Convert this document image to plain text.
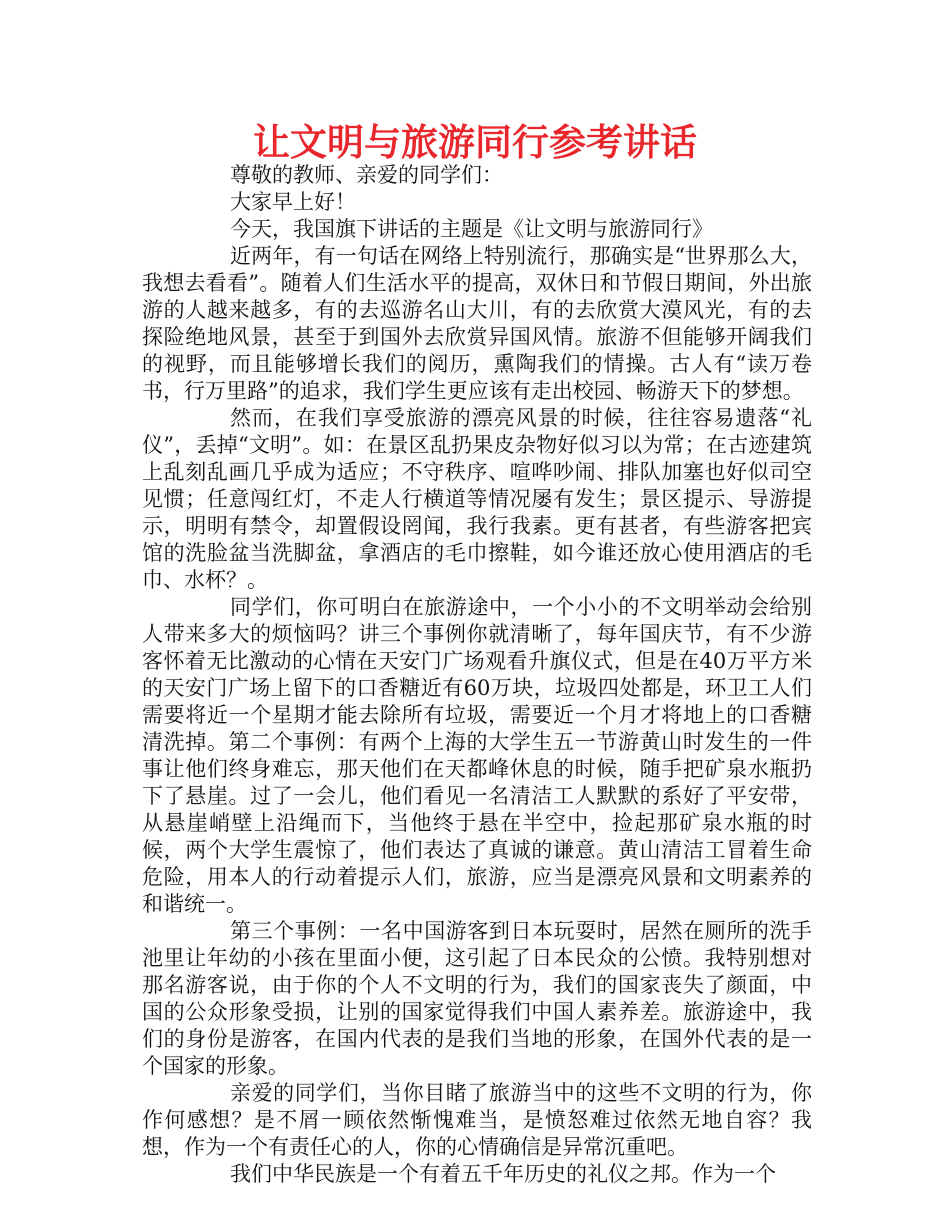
让文明与旅游同行参考讲话

尊敬的教师、亲爱的同学们：

大家早上好！

今天，我国旗下讲话的主题是《让文明与旅游同行》

近两年，有一句话在网络上特别流行，那确实是“世界那么大，我想去看看”。随着人们生活水平的提高，双休日和节假日期间，外出旅游的人越来越多，有的去巡游名山大川，有的去欣赏大漠风光，有的去探险绝地风景，甚至于到国外去欣赏异国风情。旅游不但能够开阔我们的视野，而且能够增长我们的阅历，熏陶我们的情操。古人有“读万卷书，行万里路”的追求，我们学生更应该有走出校园、畅游天下的梦想。

然而，在我们享受旅游的漂亮风景的时候，往往容易遗落“礼仪”，丢掉“文明”。如：在景区乱扔果皮杂物好似习以为常；在古迹建筑上乱刻乱画几乎成为适应；不守秩序、喧哗吵闹、排队加塞也好似司空见惯；任意闯红灯，不走人行横道等情况屡有发生；景区提示、导游提示，明明有禁令，却置假设罔闻，我行我素。更有甚者，有些游客把宾馆的洗脸盆当洗脚盆，拿酒店的毛巾擦鞋，如今谁还放心使用酒店的毛巾、水杯？。

同学们，你可明白在旅游途中，一个小小的不文明举动会给别人带来多大的烦恼吗？讲三个事例你就清晰了，每年国庆节，有不少游客怀着无比激动的心情在天安门广场观看升旗仪式，但是在40万平方米的天安门广场上留下的口香糖近有60万块，垃圾四处都是，环卫工人们需要将近一个星期才能去除所有垃圾，需要近一个月才将地上的口香糖清洗掉。第二个事例：有两个上海的大学生五一节游黄山时发生的一件事让他们终身难忘，那天他们在天都峰休息的时候，随手把矿泉水瓶扔下了悬崖。过了一会儿，他们看见一名清洁工人默默的系好了平安带，从悬崖峭壁上沿绳而下，当他终于悬在半空中，捡起那矿泉水瓶的时候，两个大学生震惊了，他们表达了真诚的谦意。黄山清洁工冒着生命危险，用本人的行动着提示人们，旅游，应当是漂亮风景和文明素养的和谐统一。

第三个事例：一名中国游客到日本玩耍时，居然在厕所的洗手池里让年幼的小孩在里面小便，这引起了日本民众的公愤。我特别想对那名游客说，由于你的个人不文明的行为，我们的国家丧失了颜面，中国的公众形象受损，让别的国家觉得我们中国人素养差。旅游途中，我们的身份是游客，在国内代表的是我们当地的形象，在国外代表的是一个国家的形象。

亲爱的同学们，当你目睹了旅游当中的这些不文明的行为，你作何感想？是不屑一顾依然惭愧难当，是愤怒难过依然无地自容？我想，作为一个有责任心的人，你的心情确信是异常沉重吧。

我们中华民族是一个有着五千年历史的礼仪之邦。作为一个
